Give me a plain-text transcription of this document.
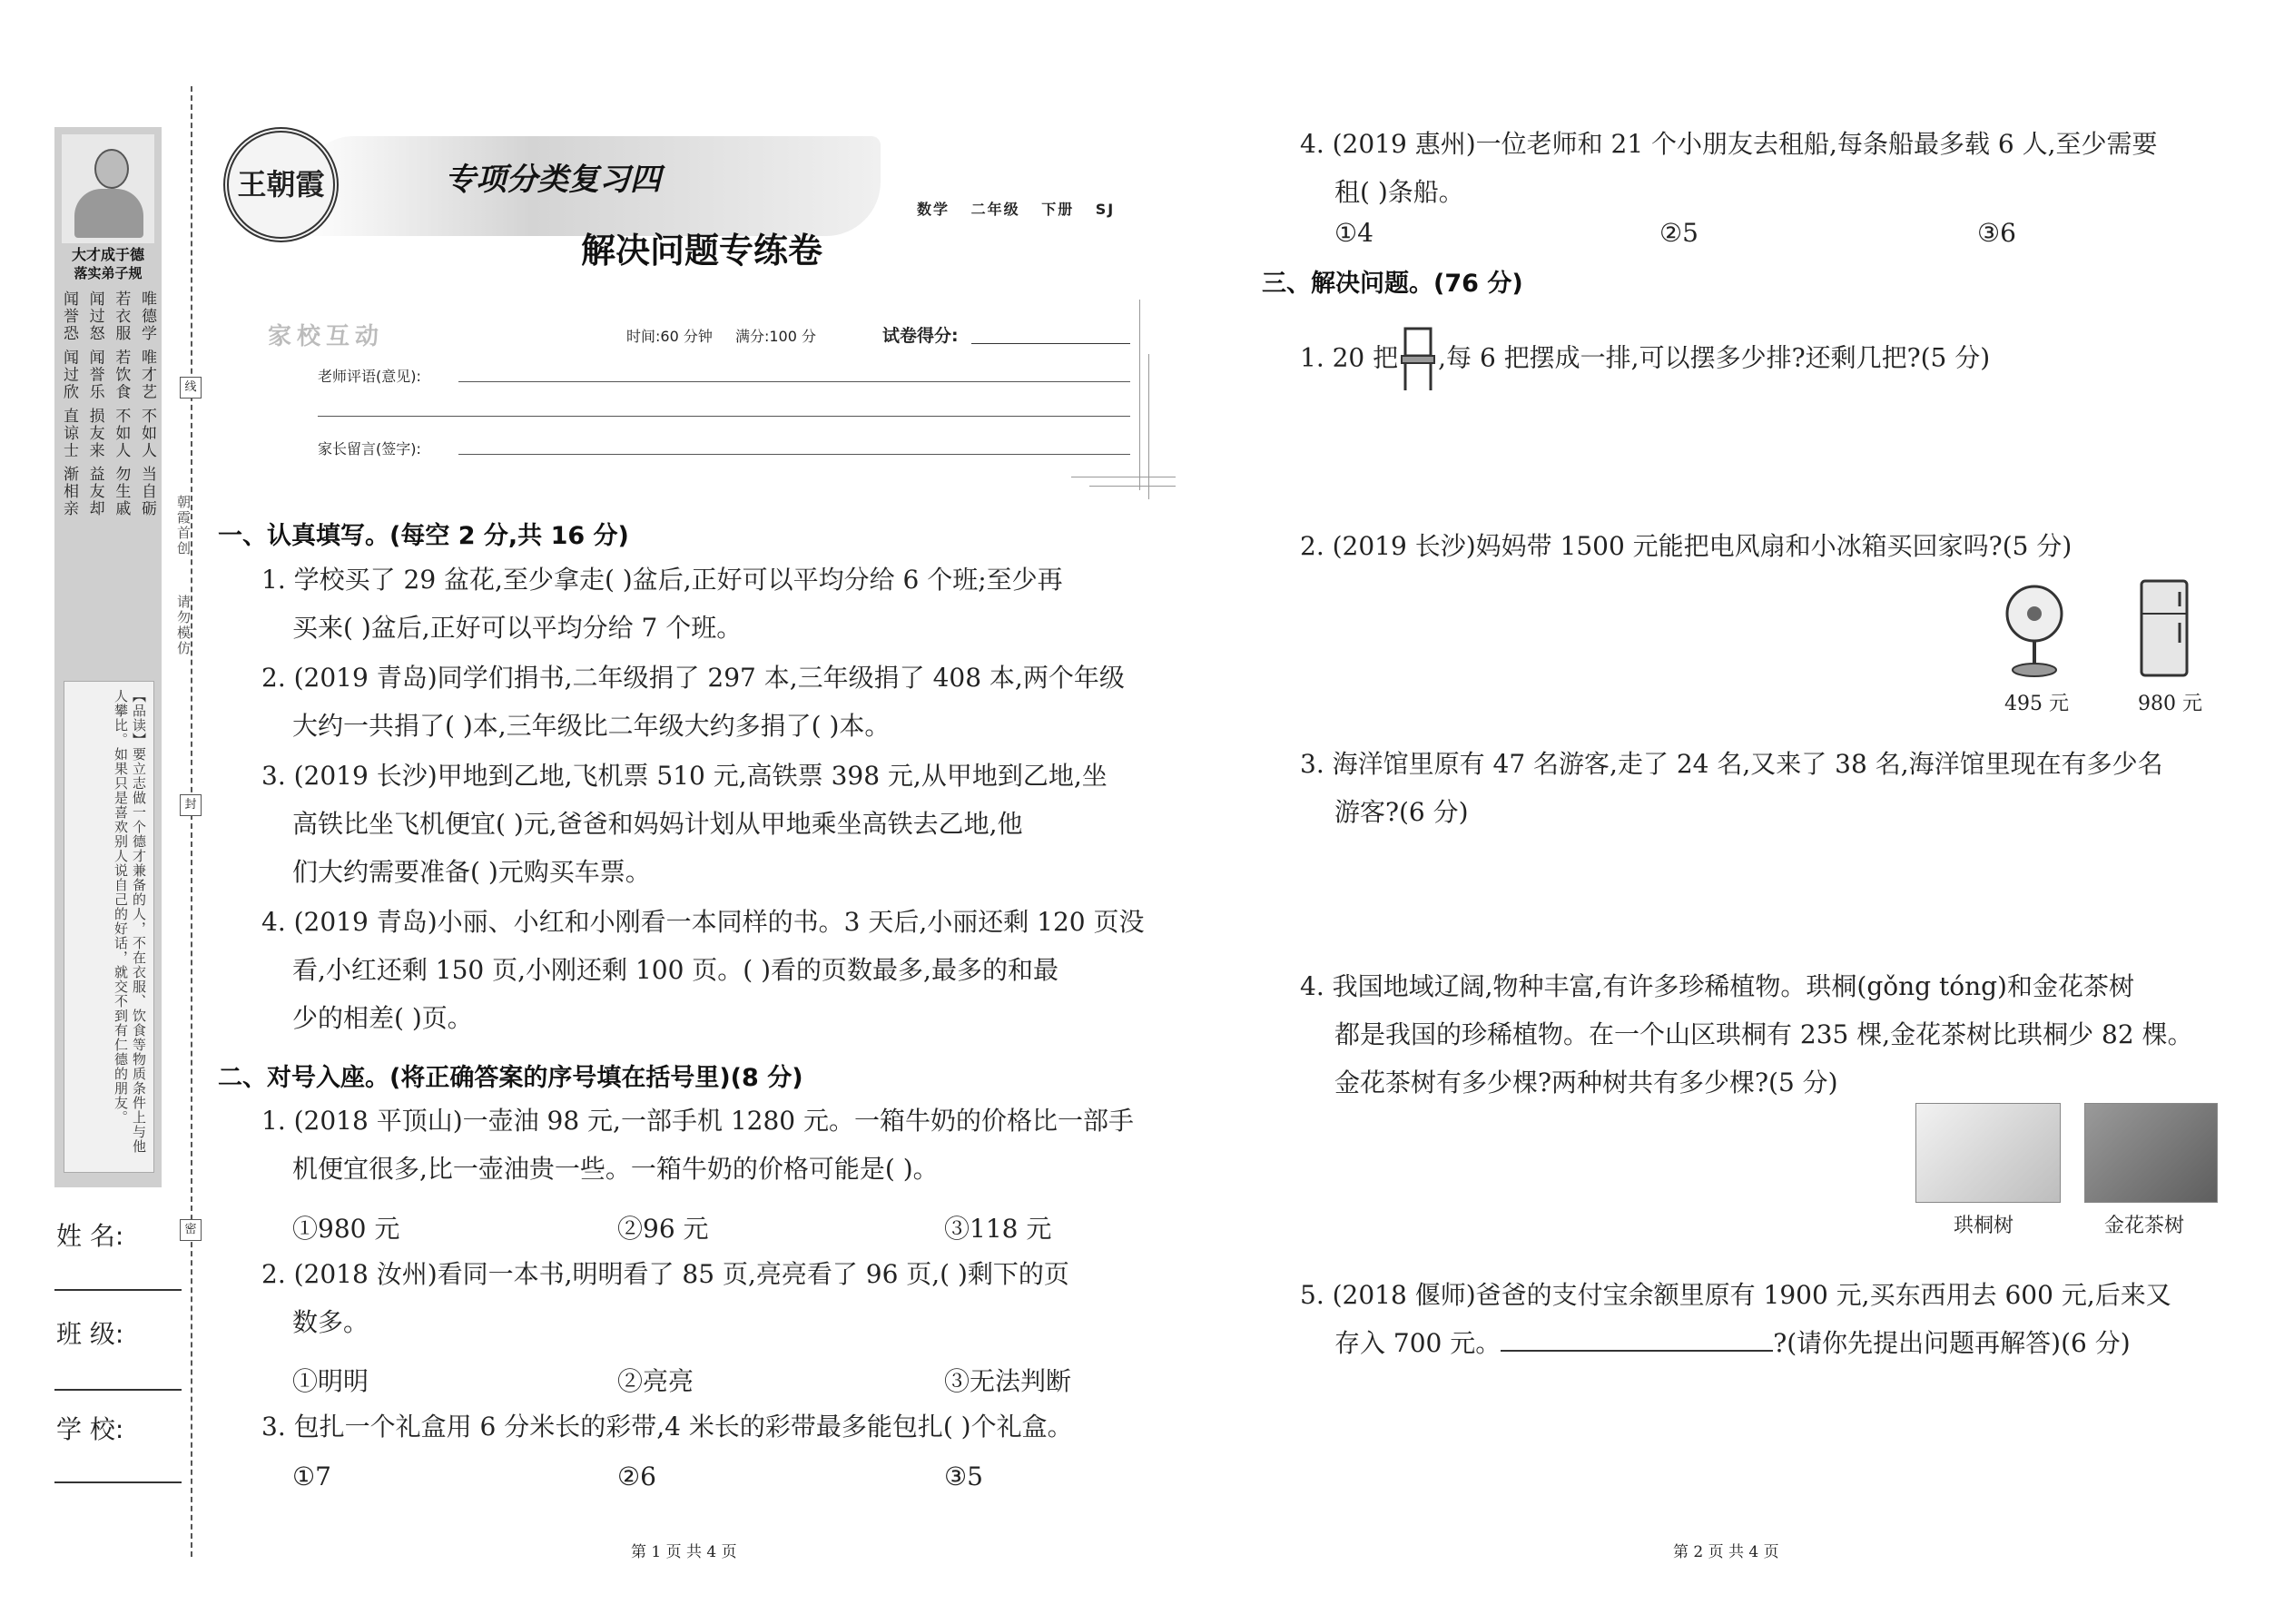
大才成于德
落实弟子规
唯德学 唯才艺 不如人 当自砺
若衣服 若饮食 不如人 勿生戚
闻过怒 闻誉乐 损友来 益友却
闻誉恐 闻过欣 直谅士 渐相亲
【品读】要立志做一个德才兼备的人，不在衣服、饮食等物质条件上与他人攀比。如果只是喜欢别人说自己的好话，就交不到有仁德的朋友。
朝霞首创
请勿模仿
线
封
密
姓 名:
班 级:
学 校:
王朝霞	专项分类复习四
数学 二年级 下册 SJ
解决问题专练卷
家校互动	时间:60 分钟 满分:100 分	试卷得分:
老师评语(意见):
家长留言(签字):
一、认真填写。(每空 2 分,共 16 分)
1. 学校买了 29 盆花,至少拿走( )盆后,正好可以平均分给 6 个班;至少再
买来( )盆后,正好可以平均分给 7 个班。
2. (2019 青岛)同学们捐书,二年级捐了 297 本,三年级捐了 408 本,两个年级
大约一共捐了( )本,三年级比二年级大约多捐了( )本。
3. (2019 长沙)甲地到乙地,飞机票 510 元,高铁票 398 元,从甲地到乙地,坐
高铁比坐飞机便宜( )元,爸爸和妈妈计划从甲地乘坐高铁去乙地,他
们大约需要准备( )元购买车票。
4. (2019 青岛)小丽、小红和小刚看一本同样的书。3 天后,小丽还剩 120 页没
看,小红还剩 150 页,小刚还剩 100 页。( )看的页数最多,最多的和最
少的相差( )页。
二、对号入座。(将正确答案的序号填在括号里)(8 分)
1. (2018 平顶山)一壶油 98 元,一部手机 1280 元。一箱牛奶的价格比一部手
机便宜很多,比一壶油贵一些。一箱牛奶的价格可能是( )。
①980 元	②96 元	③118 元
2. (2018 汝州)看同一本书,明明看了 85 页,亮亮看了 96 页,( )剩下的页
数多。
①明明	②亮亮	③无法判断
3. 包扎一个礼盒用 6 分米长的彩带,4 米长的彩带最多能包扎( )个礼盒。
①7	②6	③5
第 1 页 共 4 页
4. (2019 惠州)一位老师和 21 个小朋友去租船,每条船最多载 6 人,至少需要
租( )条船。
①4	②5	③6
三、解决问题。(76 分)
1. 20 把 ,每 6 把摆成一排,可以摆多少排?还剩几把?(5 分)
2. (2019 长沙)妈妈带 1500 元能把电风扇和小冰箱买回家吗?(5 分)
495 元	980 元
3. 海洋馆里原有 47 名游客,走了 24 名,又来了 38 名,海洋馆里现在有多少名
游客?(6 分)
4. 我国地域辽阔,物种丰富,有许多珍稀植物。珙桐(gǒng tóng)和金花茶树
都是我国的珍稀植物。在一个山区珙桐有 235 棵,金花茶树比珙桐少 82 棵。
金花茶树有多少棵?两种树共有多少棵?(5 分)
珙桐树	金花茶树
5. (2018 偃师)爸爸的支付宝余额里原有 1900 元,买东西用去 600 元,后来又
存入 700 元。	?(请你先提出问题再解答)(6 分)
第 2 页 共 4 页
